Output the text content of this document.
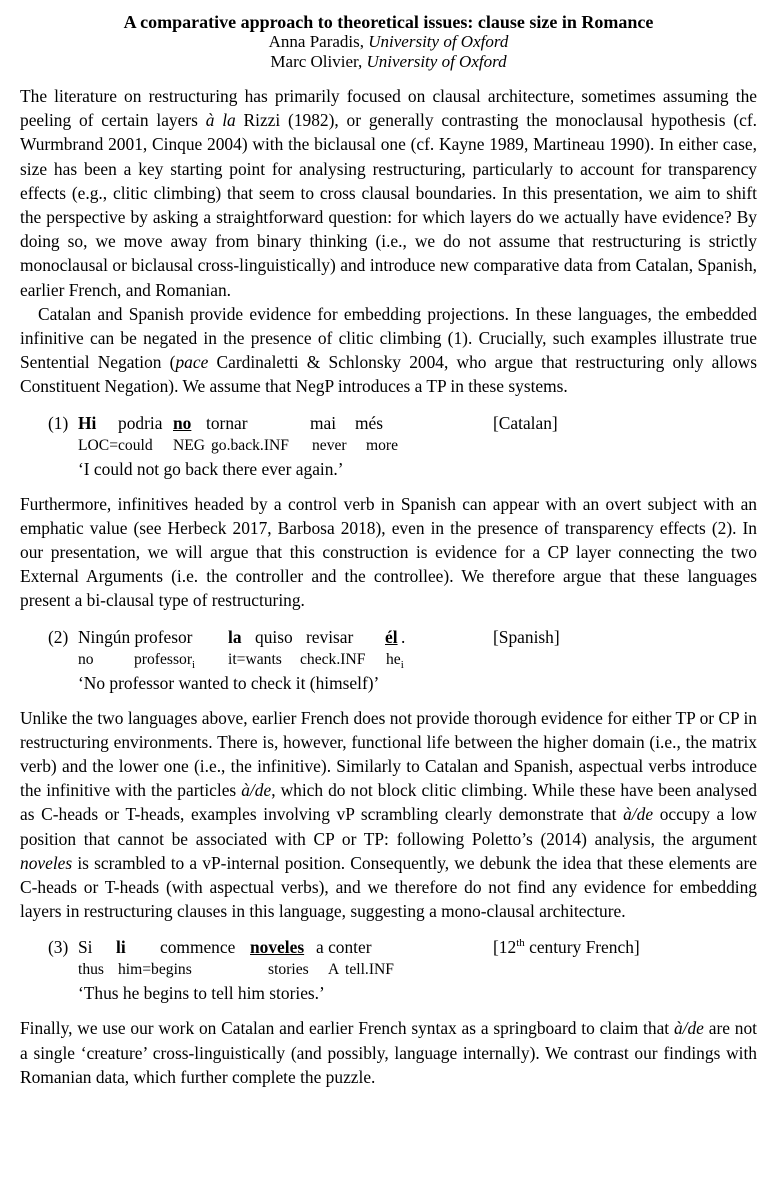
A comparative approach to theoretical issues: clause size in Romance
Anna Paradis, University of Oxford
Marc Olivier, University of Oxford

The literature on restructuring has primarily focused on clausal architecture, sometimes assuming the peeling of certain layers à la Rizzi (1982), or generally contrasting the monoclausal hypothesis (cf. Wurmbrand 2001, Cinque 2004) with the biclausal one (cf. Kayne 1989, Martineau 1990). In either case, size has been a key starting point for analysing restructuring, particularly to account for transparency effects (e.g., clitic climbing) that seem to cross clausal boundaries. In this presentation, we aim to shift the perspective by asking a straightforward question: for which layers do we actually have evidence? By doing so, we move away from binary thinking (i.e., we do not assume that restructuring is strictly monoclausal or biclausal cross-linguistically) and introduce new comparative data from Catalan, Spanish, earlier French, and Romanian.

Catalan and Spanish provide evidence for embedding projections. In these languages, the embedded infinitive can be negated in the presence of clitic climbing (1). Crucially, such examples illustrate true Sentential Negation (pace Cardinaletti & Schlonsky 2004, who argue that restructuring only allows Constituent Negation). We assume that NegP introduces a TP in these systems.

(1) Hi podria no tornar	mai més	[Catalan]
LOC=could NEG go.back.INF never more
‘I could not go back there ever again.’

Furthermore, infinitives headed by a control verb in Spanish can appear with an overt subject with an emphatic value (see Herbeck 2017, Barbosa 2018), even in the presence of transparency effects (2). In our presentation, we will argue that this construction is evidence for a CP layer connecting the two External Arguments (i.e. the controller and the controllee). We therefore argue that these languages present a bi-clausal type of restructuring.

(2) Ningún profesor la quiso revisar él .	[Spanish]
no	professor$_i$ it=wants check.INF $he_i$
‘No professor wanted to check it (himself)’

Unlike the two languages above, earlier French does not provide thorough evidence for either TP or CP in restructuring environments. There is, however, functional life between the higher domain (i.e., the matrix verb) and the lower one (i.e., the infinitive). Similarly to Catalan and Spanish, aspectual verbs introduce the infinitive with the particles à/de, which do not block clitic climbing. While these have been analysed as C-heads or T-heads, examples involving vP scrambling clearly demonstrate that à/de occupy a low position that cannot be associated with CP or TP: following Poletto’s (2014) analysis, the argument noveles is scrambled to a vP-internal position. Consequently, we debunk the idea that these elements are C-heads or T-heads (with aspectual verbs), and we therefore do not find any evidence for embedding layers in restructuring clauses in this language, suggesting a mono-clausal architecture.

(3) Si li commence noveles a conter	[12th century French]
thus him=begins	stories A tell.INF
‘Thus he begins to tell him stories.’

Finally, we use our work on Catalan and earlier French syntax as a springboard to claim that à/de are not a single ‘creature’ cross-linguistically (and possibly, language internally). We contrast our findings with Romanian data, which further complete the puzzle.
